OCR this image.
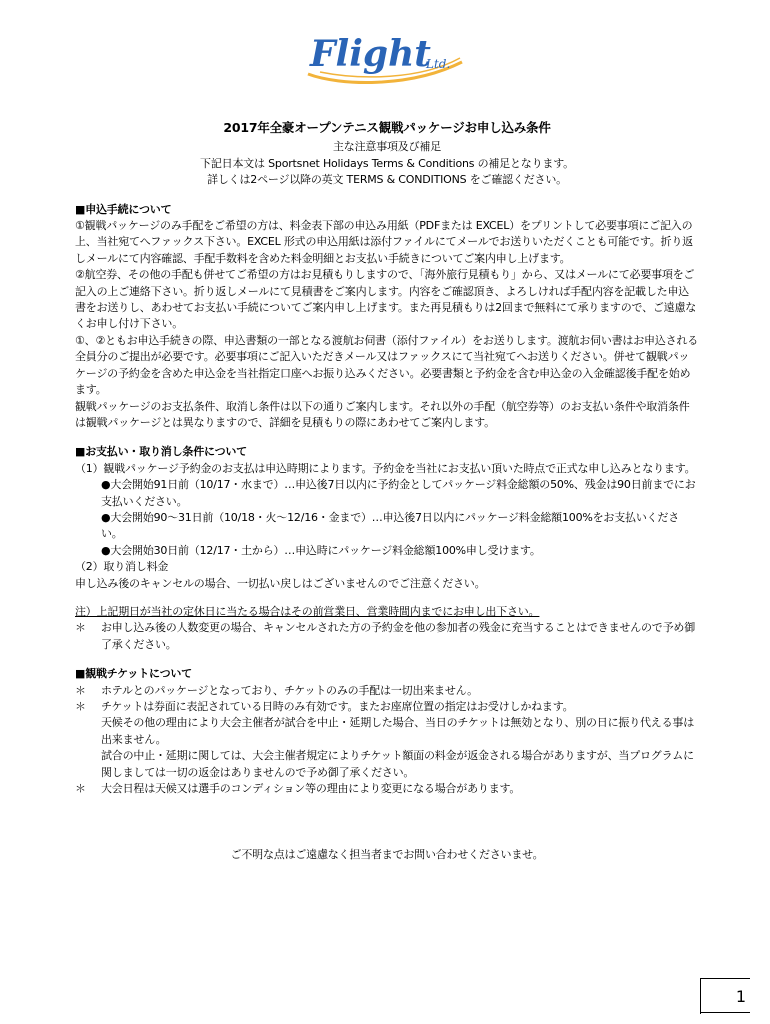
Flight
Ltd.
2017年全豪オープンテニス観戦パッケージお申し込み条件
主な注意事項及び補足
下記日本文は Sportsnet Holidays Terms & Conditions の補足となります。
詳しくは2ページ以降の英文 TERMS & CONDITIONS をご確認ください。
■申込手続について

①観戦パッケージのみ手配をご希望の方は、料金表下部の申込み用紙（PDFまたは EXCEL）をプリントして必要事項にご記入の上、当社宛てへファックス下さい。EXCEL 形式の申込用紙は添付ファイルにてメールでお送りいただくことも可能です。折り返しメールにて内容確認、手配手数料を含めた料金明細とお支払い手続きについてご案内申し上げます。

②航空券、その他の手配も併せてご希望の方はお見積もりしますので、「海外旅行見積もり」から、又はメールにて必要事項をご記入の上ご連絡下さい。折り返しメールにて見積書をご案内します。内容をご確認頂き、よろしければ手配内容を記載した申込書をお送りし、あわせてお支払い手続についてご案内申し上げます。また再見積もりは2回まで無料にて承りますので、ご遠慮なくお申し付け下さい。

①、②ともお申込手続きの際、申込書類の一部となる渡航お伺書（添付ファイル）をお送りします。渡航お伺い書はお申込される全員分のご提出が必要です。必要事項にご記入いただきメール又はファックスにて当社宛てへお送りください。併せて観戦パッケージの予約金を含めた申込金を当社指定口座へお振り込みください。必要書類と予約金を含む申込金の入金確認後手配を始めます。

観戦パッケージのお支払条件、取消し条件は以下の通りご案内します。それ以外の手配（航空券等）のお支払い条件や取消条件は観戦パッケージとは異なりますので、詳細を見積もりの際にあわせてご案内します。

■お支払い・取り消し条件について

（1）観戦パッケージ予約金のお支払は申込時期によります。予約金を当社にお支払い頂いた時点で正式な申し込みとなります。

●大会開始91日前（10/17・水まで）…申込後7日以内に予約金としてパッケージ料金総額の50%、残金は90日前までにお支払いください。

●大会開始90～31日前（10/18・火～12/16・金まで）…申込後7日以内にパッケージ料金総額100%をお支払いください。

●大会開始30日前（12/17・土から）…申込時にパッケージ料金総額100%申し受けます。

（2）取り消し料金

申し込み後のキャンセルの場合、一切払い戻しはございませんのでご注意ください。

注）上記期日が当社の定休日に当たる場合はその前営業日、営業時間内までにお申し出下さい。

＊	お申し込み後の人数変更の場合、キャンセルされた方の予約金を他の参加者の残金に充当することはできませんので予め御了承ください。
■観戦チケットについて
＊	ホテルとのパッケージとなっており、チケットのみの手配は一切出来ません。
＊	チケットは券面に表記されている日時のみ有効です。またお座席位置の指定はお受けしかねます。
天候その他の理由により大会主催者が試合を中止・延期した場合、当日のチケットは無効となり、別の日に振り代える事は出来ません。
試合の中止・延期に関しては、大会主催者規定によりチケット額面の料金が返金される場合がありますが、当プログラムに関しましては一切の返金はありませんので予め御了承ください。
＊	大会日程は天候又は選手のコンディション等の理由により変更になる場合があります。
ご不明な点はご遠慮なく担当者までお問い合わせくださいませ。
1
